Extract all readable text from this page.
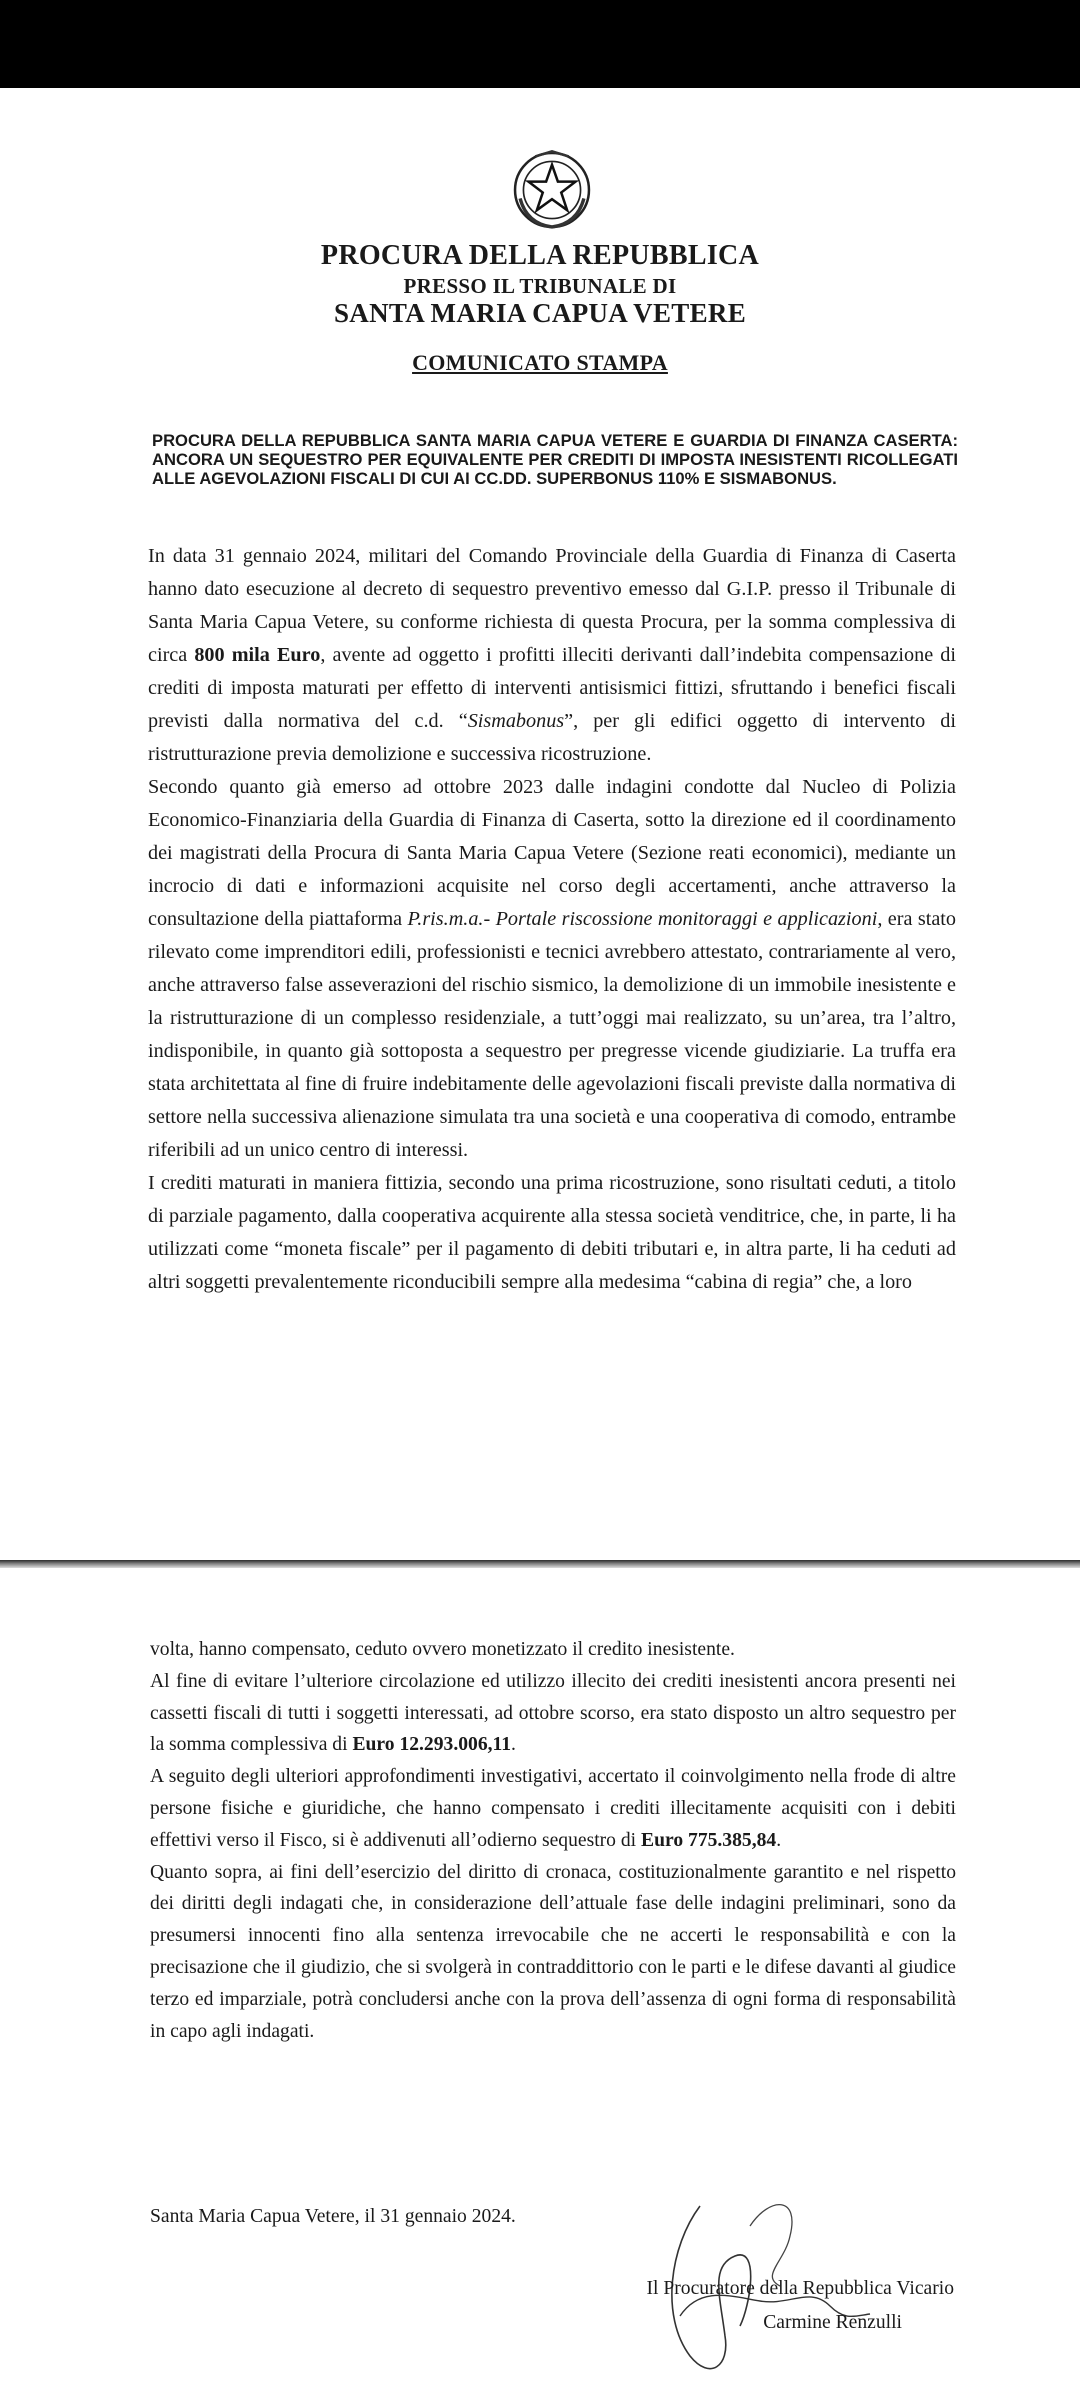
PROCURA DELLA REPUBBLICA
PRESSO IL TRIBUNALE DI
SANTA MARIA CAPUA VETERE
COMUNICATO STAMPA

PROCURA DELLA REPUBBLICA SANTA MARIA CAPUA VETERE E GUARDIA DI FINANZA CASERTA: ANCORA UN SEQUESTRO PER EQUIVALENTE PER CREDITI DI IMPOSTA INESISTENTI RICOLLEGATI ALLE AGEVOLAZIONI FISCALI DI CUI AI CC.DD. SUPERBONUS 110% E SISMABONUS.

In data 31 gennaio 2024, militari del Comando Provinciale della Guardia di Finanza di Caserta hanno dato esecuzione al decreto di sequestro preventivo emesso dal G.I.P. presso il Tribunale di Santa Maria Capua Vetere, su conforme richiesta di questa Procura, per la somma complessiva di circa 800 mila Euro, avente ad oggetto i profitti illeciti derivanti dall’indebita compensazione di crediti di imposta maturati per effetto di interventi antisismici fittizi, sfruttando i benefici fiscali previsti dalla normativa del c.d. “Sismabonus”, per gli edifici oggetto di intervento di ristrutturazione previa demolizione e successiva ricostruzione.

Secondo quanto già emerso ad ottobre 2023 dalle indagini condotte dal Nucleo di Polizia Economico-Finanziaria della Guardia di Finanza di Caserta, sotto la direzione ed il coordinamento dei magistrati della Procura di Santa Maria Capua Vetere (Sezione reati economici), mediante un incrocio di dati e informazioni acquisite nel corso degli accertamenti, anche attraverso la consultazione della piattaforma P.ris.m.a.- Portale riscossione monitoraggi e applicazioni, era stato rilevato come imprenditori edili, professionisti e tecnici avrebbero attestato, contrariamente al vero, anche attraverso false asseverazioni del rischio sismico, la demolizione di un immobile inesistente e la ristrutturazione di un complesso residenziale, a tutt’oggi mai realizzato, su un’area, tra l’altro, indisponibile, in quanto già sottoposta a sequestro per pregresse vicende giudiziarie. La truffa era stata architettata al fine di fruire indebitamente delle agevolazioni fiscali previste dalla normativa di settore nella successiva alienazione simulata tra una società e una cooperativa di comodo, entrambe riferibili ad un unico centro di interessi.

I crediti maturati in maniera fittizia, secondo una prima ricostruzione, sono risultati ceduti, a titolo di parziale pagamento, dalla cooperativa acquirente alla stessa società venditrice, che, in parte, li ha utilizzati come “moneta fiscale” per il pagamento di debiti tributari e, in altra parte, li ha ceduti ad altri soggetti prevalentemente riconducibili sempre alla medesima “cabina di regia” che, a loro

volta, hanno compensato, ceduto ovvero monetizzato il credito inesistente.

Al fine di evitare l’ulteriore circolazione ed utilizzo illecito dei crediti inesistenti ancora presenti nei cassetti fiscali di tutti i soggetti interessati, ad ottobre scorso, era stato disposto un altro sequestro per la somma complessiva di Euro 12.293.006,11.

A seguito degli ulteriori approfondimenti investigativi, accertato il coinvolgimento nella frode di altre persone fisiche e giuridiche, che hanno compensato i crediti illecitamente acquisiti con i debiti effettivi verso il Fisco, si è addivenuti all’odierno sequestro di Euro 775.385,84.

Quanto sopra, ai fini dell’esercizio del diritto di cronaca, costituzionalmente garantito e nel rispetto dei diritti degli indagati che, in considerazione dell’attuale fase delle indagini preliminari, sono da presumersi innocenti fino alla sentenza irrevocabile che ne accerti le responsabilità e con la precisazione che il giudizio, che si svolgerà in contraddittorio con le parti e le difese davanti al giudice terzo ed imparziale, potrà concludersi anche con la prova dell’assenza di ogni forma di responsabilità in capo agli indagati.

Santa Maria Capua Vetere, il 31 gennaio 2024.
Il Procuratore della Repubblica Vicario
Carmine Renzulli
